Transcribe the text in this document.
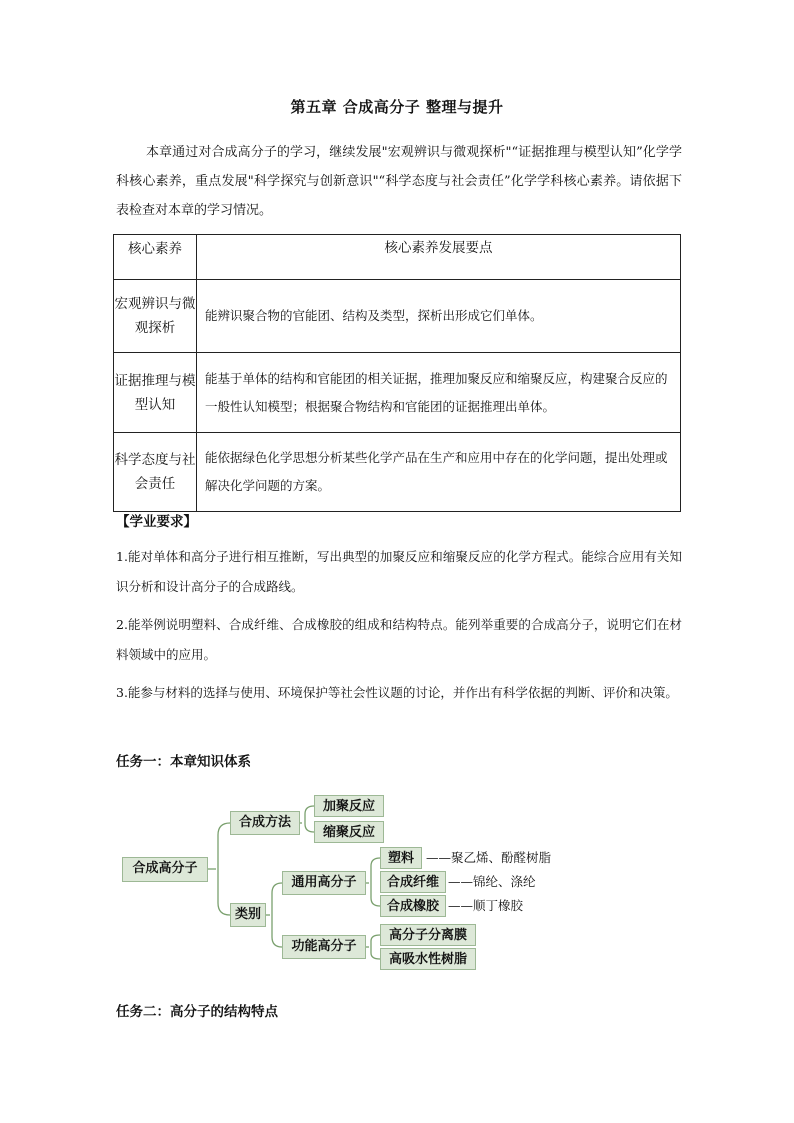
第五章 合成高分子 整理与提升
本章通过对合成高分子的学习，继续发展"宏观辨识与微观探析"“证据推理与模型认知”化学学科核心素养，重点发展"科学探究与创新意识"“科学态度与社会责任”化学学科核心素养。请依据下表检查对本章的学习情况。
核心素养	核心素养发展要点
宏观辨识与微观探析	能辨识聚合物的官能团、结构及类型，探析出形成它们单体。
证据推理与模型认知	能基于单体的结构和官能团的相关证据，推理加聚反应和缩聚反应，构建聚合反应的一般性认知模型；根据聚合物结构和官能团的证据推理出单体。
科学态度与社会责任	能依据绿色化学思想分析某些化学产品在生产和应用中存在的化学问题，提出处理或解决化学问题的方案。
【学业要求】
1.能对单体和高分子进行相互推断，写出典型的加聚反应和缩聚反应的化学方程式。能综合应用有关知识分析和设计高分子的合成路线。
2.能举例说明塑料、合成纤维、合成橡胶的组成和结构特点。能列举重要的合成高分子，说明它们在材料领域中的应用。
3.能参与材料的选择与使用、环境保护等社会性议题的讨论，并作出有科学依据的判断、评价和决策。
任务一：本章知识体系
合成高分子
合成方法
加聚反应
缩聚反应
类别
通用高分子
功能高分子
塑料 ——聚乙烯、酚醛树脂
合成纤维 ——锦纶、涤纶
合成橡胶 ——顺丁橡胶
高分子分离膜
高吸水性树脂
任务二：高分子的结构特点
